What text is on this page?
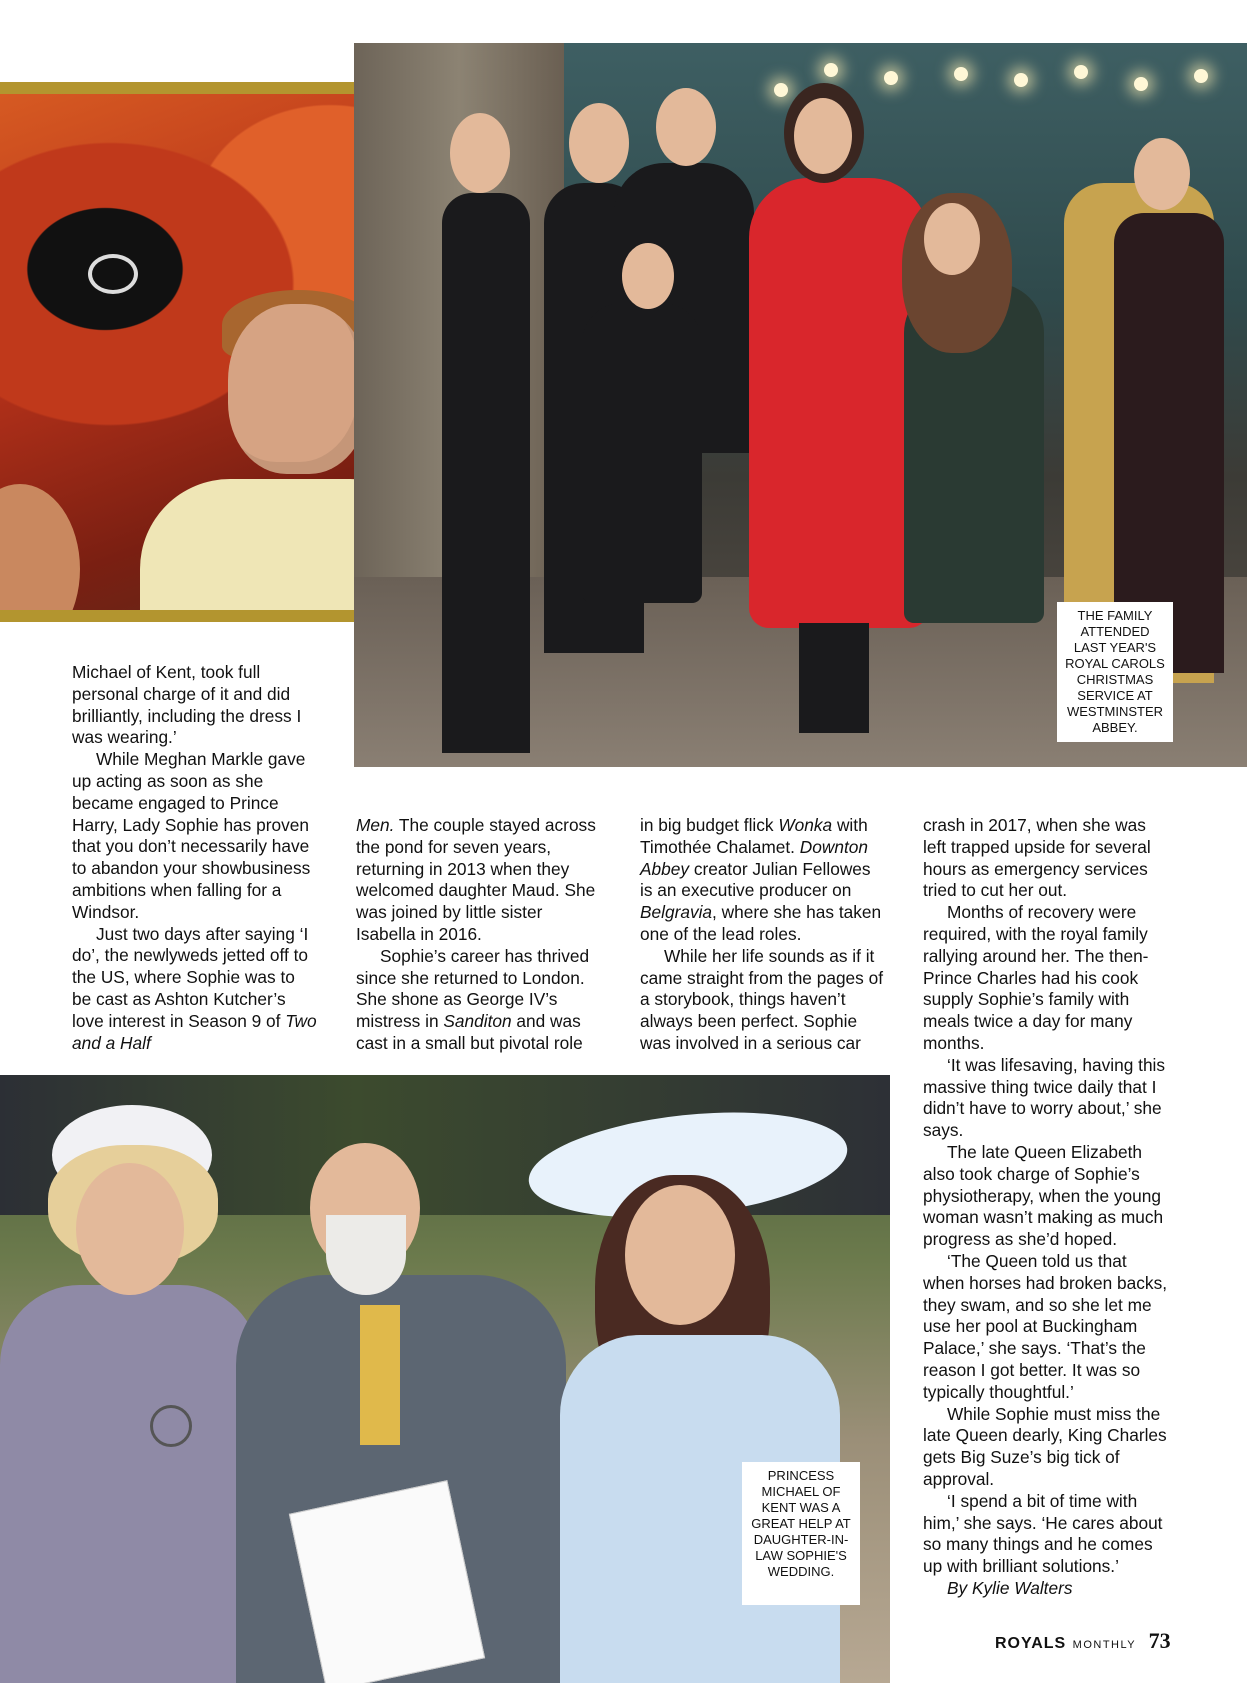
THE FAMILY
ATTENDED
LAST YEAR'S
ROYAL CAROLS
CHRISTMAS
SERVICE AT
WESTMINSTER
ABBEY.
PRINCESS
MICHAEL OF
KENT WAS A
GREAT HELP AT
DAUGHTER-IN-
LAW SOPHIE'S
WEDDING.

Michael of Kent, took full personal charge of it and did brilliantly, including the dress I was wearing.’

While Meghan Markle gave up acting as soon as she became engaged to Prince Harry, Lady Sophie has proven that you don’t necessarily have to abandon your showbusiness ambitions when falling for a Windsor.

Just two days after saying ‘I do’, the newlyweds jetted off to the US, where Sophie was to be cast as Ashton Kutcher’s love interest in Season 9 of Two and a Half

Men. The couple stayed across the pond for seven years, returning in 2013 when they welcomed daughter Maud. She was joined by little sister Isabella in 2016.

Sophie’s career has thrived since she returned to London. She shone as George IV’s mistress in Sanditon and was cast in a small but pivotal role

in big budget flick Wonka with Timothée Chalamet. Downton Abbey creator Julian Fellowes is an executive producer on Belgravia, where she has taken one of the lead roles.

While her life sounds as if it came straight from the pages of a storybook, things haven’t always been perfect. Sophie was involved in a serious car

crash in 2017, when she was left trapped upside for several hours as emergency services tried to cut her out.

Months of recovery were required, with the royal family rallying around her. The then-Prince Charles had his cook supply Sophie’s family with meals twice a day for many months.

‘It was lifesaving, having this massive thing twice daily that I didn’t have to worry about,’ she says.

The late Queen Elizabeth also took charge of Sophie’s physiotherapy, when the young woman wasn’t making as much progress as she’d hoped.

‘The Queen told us that when horses had broken backs, they swam, and so she let me use her pool at Buckingham Palace,’ she says. ‘That’s the reason I got better. It was so typically thoughtful.’

While Sophie must miss the late Queen dearly, King Charles gets Big Suze’s big tick of approval.

‘I spend a bit of time with him,’ she says. ‘He cares about so many things and he comes up with brilliant solutions.’

By Kylie Walters

ROYALS MONTHLY 73
